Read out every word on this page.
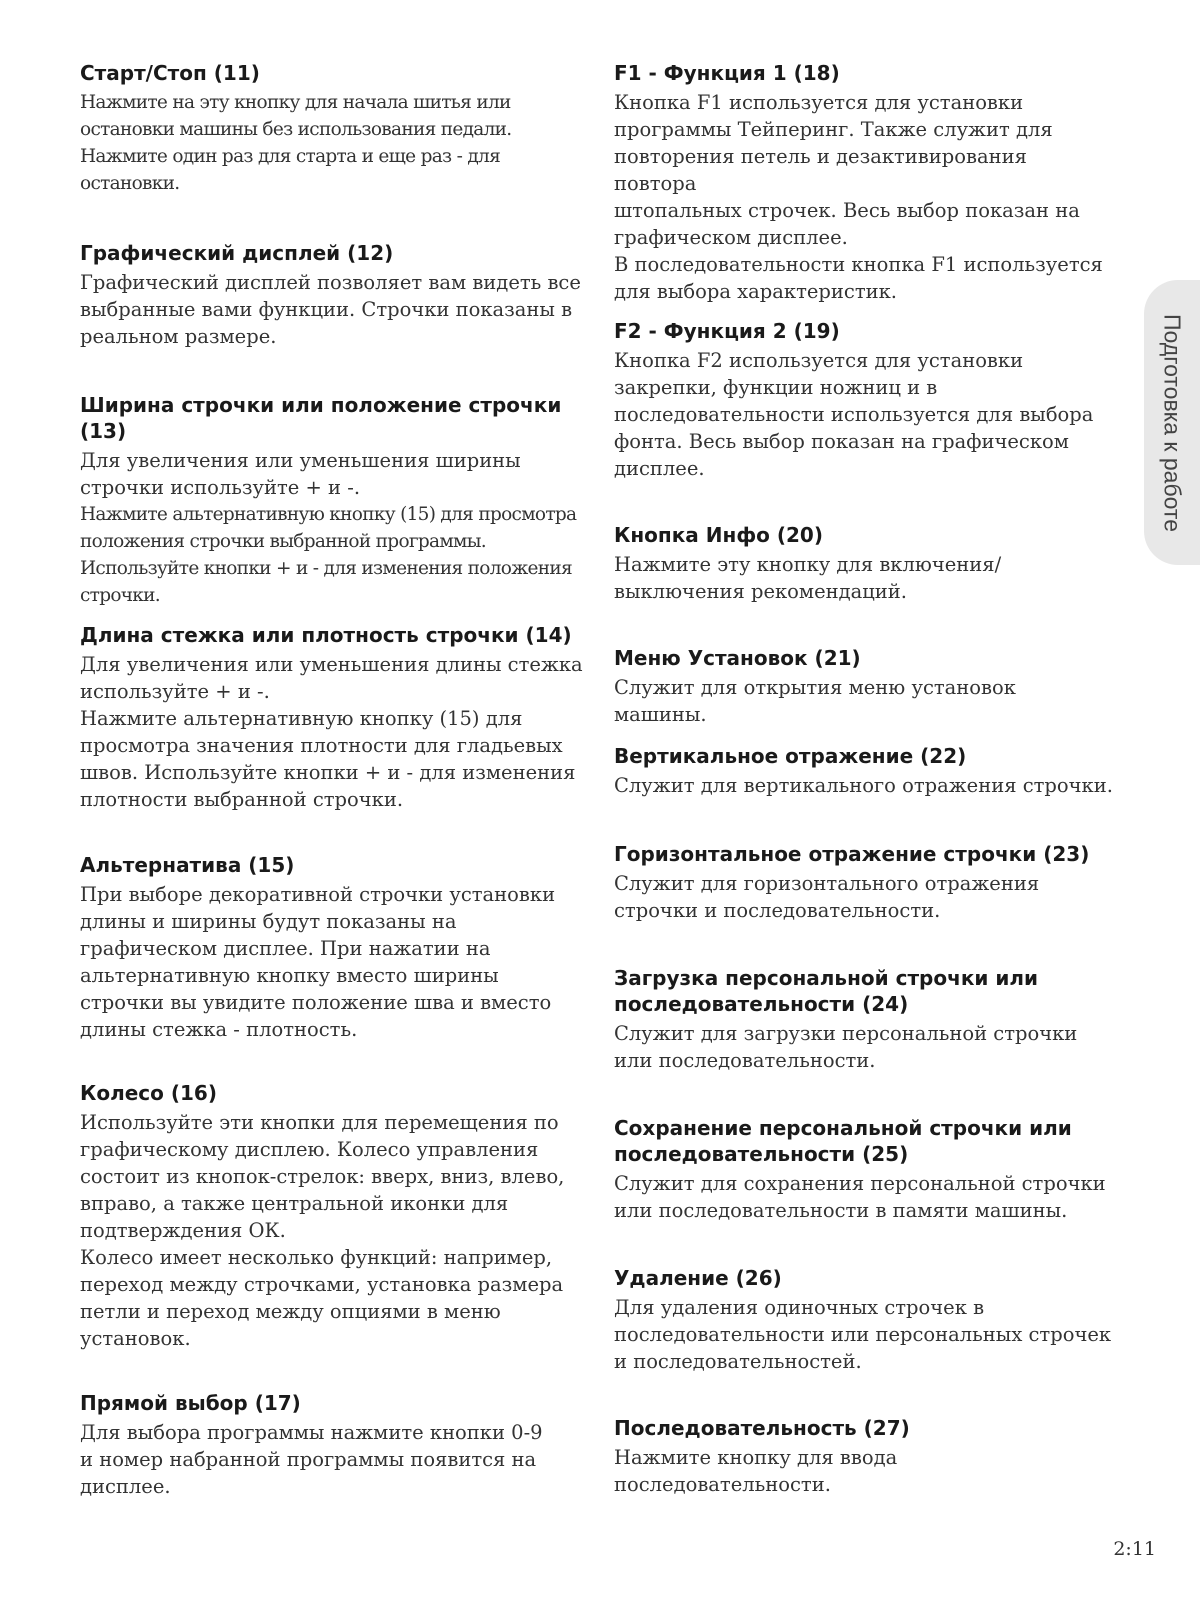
Старт/Стоп (11)

Нажмите на эту кнопку для начала шитья или
остановки машины без использования педали.
Нажмите один раз для старта и еще раз - для
остановки.

Графический дисплей (12)

Графический дисплей позволяет вам видеть все
выбранные вами функции. Строчки показаны в
реальном размере.

Ширина строчки или положение строчки (13)

Для увеличения или уменьшения ширины
строчки используйте + и -.

Нажмите альтернативную кнопку (15) для просмотра
положения строчки выбранной программы.
Используйте кнопки + и - для изменения положения
строчки.

Длина стежка или плотность строчки (14)

Для увеличения или уменьшения длины стежка
используйте + и -.
Нажмите альтернативную кнопку (15) для
просмотра значения плотности для гладьевых
швов. Используйте кнопки + и - для изменения
плотности выбранной строчки.

Альтернатива (15)

При выборе декоративной строчки установки
длины и ширины будут показаны на
графическом дисплее. При нажатии на
альтернативную кнопку вместо ширины
строчки вы увидите положение шва и вместо
длины стежка - плотность.

Колесо (16)

Используйте эти кнопки для перемещения по
графическому дисплею. Колесо управления
состоит из кнопок-стрелок: вверх, вниз, влево,
вправо, а также центральной иконки для
подтверждения ОК.
Колесо имеет несколько функций: например,
переход между строчками, установка размера
петли и переход между опциями в меню
установок.

Прямой выбор (17)

Для выбора программы нажмите кнопки 0-9
и номер набранной программы появится на
дисплее.

F1 - Функция 1 (18)

Кнопка F1 используется для установки
программы Тейперинг. Также служит для
повторения петель и дезактивирования повтора
штопальных строчек. Весь выбор показан на
графическом дисплее.
В последовательности кнопка F1 используется
для выбора характеристик.

F2 - Функция 2 (19)

Кнопка F2 используется для установки
закрепки, функции ножниц и в
последовательности используется для выбора
фонта. Весь выбор показан на графическом
дисплее.

Кнопка Инфо (20)

Нажмите эту кнопку для включения/
выключения рекомендаций.

Меню Установок (21)

Служит для открытия меню установок машины.

Вертикальное отражение (22)

Служит для вертикального отражения строчки.

Горизонтальное отражение строчки (23)

Служит для горизонтального отражения
строчки и последовательности.

Загрузка персональной строчки или
последовательности (24)

Служит для загрузки персональной строчки
или последовательности.

Сохранение персональной строчки или
последовательности (25)

Служит для сохранения персональной строчки
или последовательности в памяти машины.

Удаление (26)

Для удаления одиночных строчек в
последовательности или персональных строчек
и последовательностей.

Последовательность (27)

Нажмите кнопку для ввода последовательности.

Подготовка к работе
2:11
